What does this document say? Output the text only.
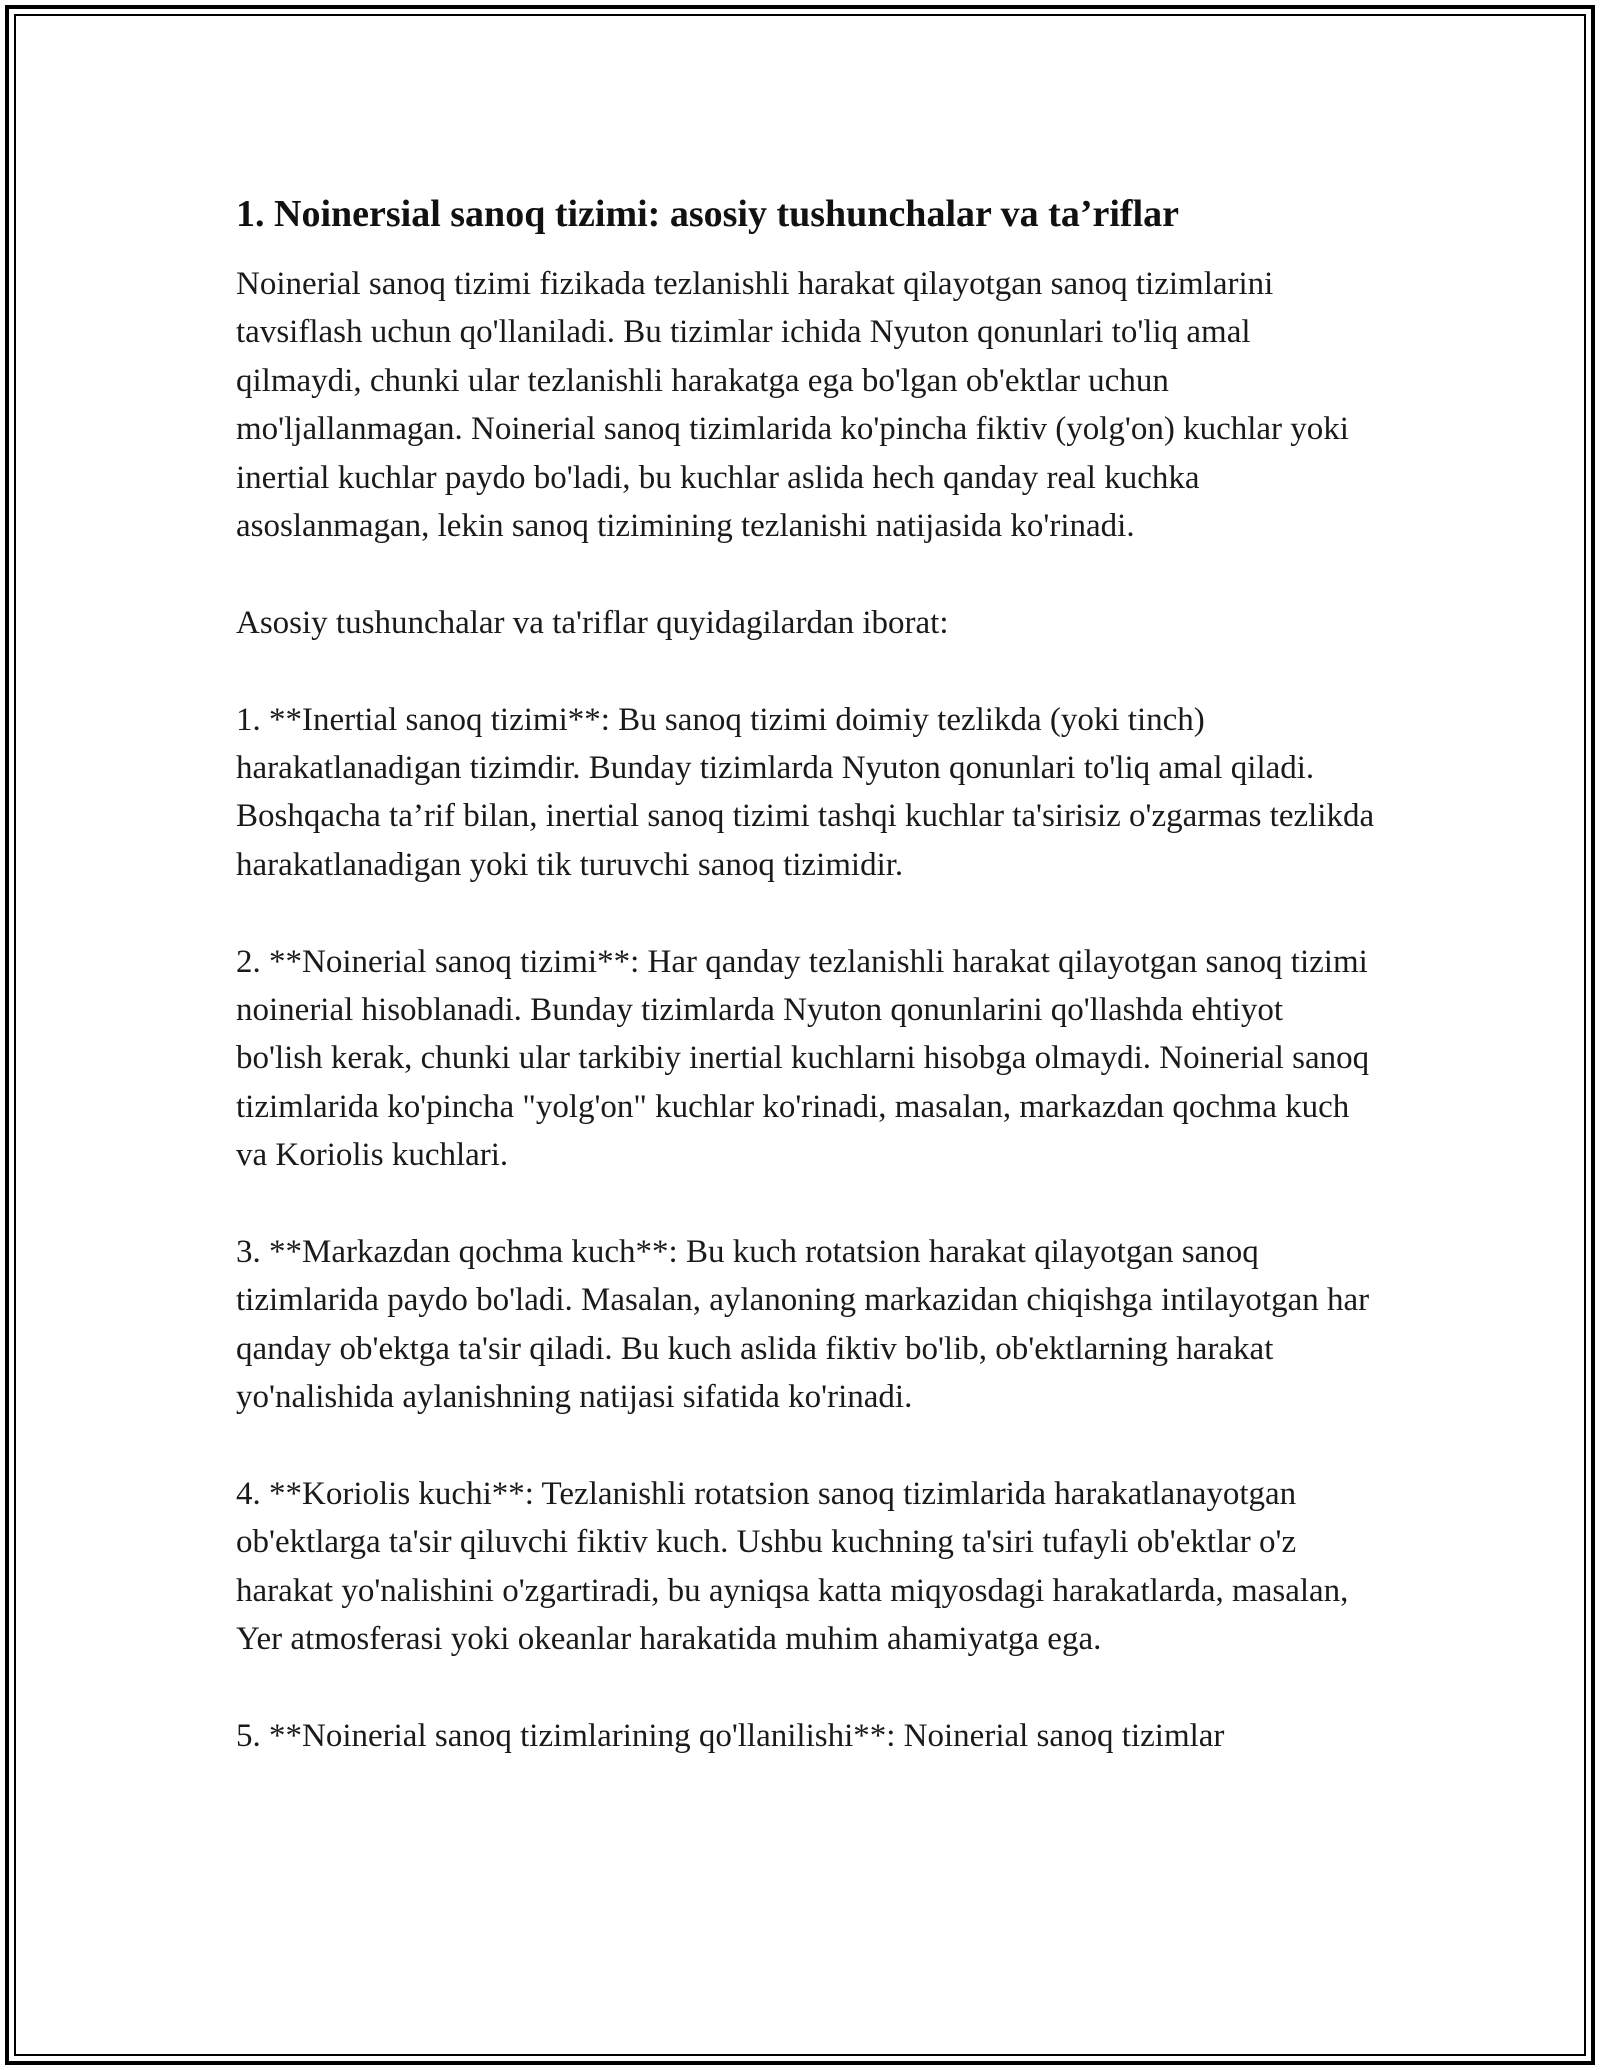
1. Noinersial sanoq tizimi: asosiy tushunchalar va ta’riflar

Noinerial sanoq tizimi fizikada tezlanishli harakat qilayotgan sanoq tizimlarini tavsiflash uchun qo'llaniladi. Bu tizimlar ichida Nyuton qonunlari to'liq amal qilmaydi, chunki ular tezlanishli harakatga ega bo'lgan ob'ektlar uchun mo'ljallanmagan. Noinerial sanoq tizimlarida ko'pincha fiktiv (yolg'on) kuchlar yoki inertial kuchlar paydo bo'ladi, bu kuchlar aslida hech qanday real kuchka asoslanmagan, lekin sanoq tizimining tezlanishi natijasida ko'rinadi.

Asosiy tushunchalar va ta'riflar quyidagilardan iborat:

1. **Inertial sanoq tizimi**: Bu sanoq tizimi doimiy tezlikda (yoki tinch) harakatlanadigan tizimdir. Bunday tizimlarda Nyuton qonunlari to'liq amal qiladi. Boshqacha ta’rif bilan, inertial sanoq tizimi tashqi kuchlar ta'sirisiz o'zgarmas tezlikda harakatlanadigan yoki tik turuvchi sanoq tizimidir.

2. **Noinerial sanoq tizimi**: Har qanday tezlanishli harakat qilayotgan sanoq tizimi noinerial hisoblanadi. Bunday tizimlarda Nyuton qonunlarini qo'llashda ehtiyot bo'lish kerak, chunki ular tarkibiy inertial kuchlarni hisobga olmaydi. Noinerial sanoq tizimlarida ko'pincha "yolg'on" kuchlar ko'rinadi, masalan, markazdan qochma kuch va Koriolis kuchlari.

3. **Markazdan qochma kuch**: Bu kuch rotatsion harakat qilayotgan sanoq tizimlarida paydo bo'ladi. Masalan, aylanoning markazidan chiqishga intilayotgan har qanday ob'ektga ta'sir qiladi. Bu kuch aslida fiktiv bo'lib, ob'ektlarning harakat yo'nalishida aylanishning natijasi sifatida ko'rinadi.

4. **Koriolis kuchi**: Tezlanishli rotatsion sanoq tizimlarida harakatlanayotgan ob'ektlarga ta'sir qiluvchi fiktiv kuch. Ushbu kuchning ta'siri tufayli ob'ektlar o'z harakat yo'nalishini o'zgartiradi, bu ayniqsa katta miqyosdagi harakatlarda, masalan, Yer atmosferasi yoki okeanlar harakatida muhim ahamiyatga ega.

5. **Noinerial sanoq tizimlarining qo'llanilishi**: Noinerial sanoq tizimlar
